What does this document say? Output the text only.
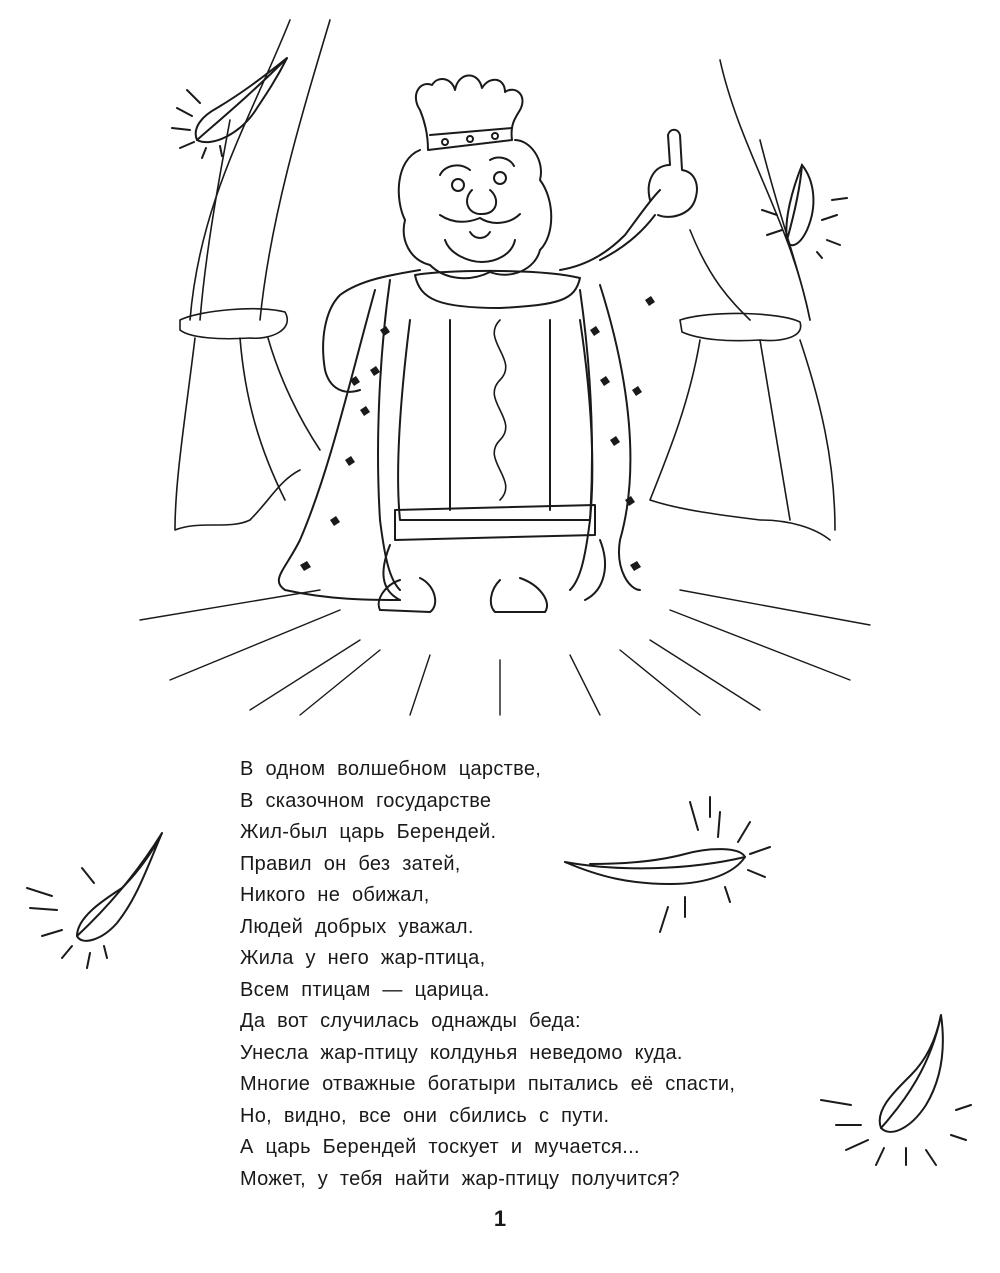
В одном волшебном царстве,
В сказочном государстве
Жил-был царь Берендей.
Правил он без затей,
Никого не обижал,
Людей добрых уважал.
Жила у него жар-птица,
Всем птицам — царица.
Да вот случилась однажды беда:
Унесла жар-птицу колдунья неведомо куда.
Многие отважные богатыри пытались её спасти,
Но, видно, все они сбились с пути.
А царь Берендей тоскует и мучается...
Может, у тебя найти жар-птицу получится?
1
